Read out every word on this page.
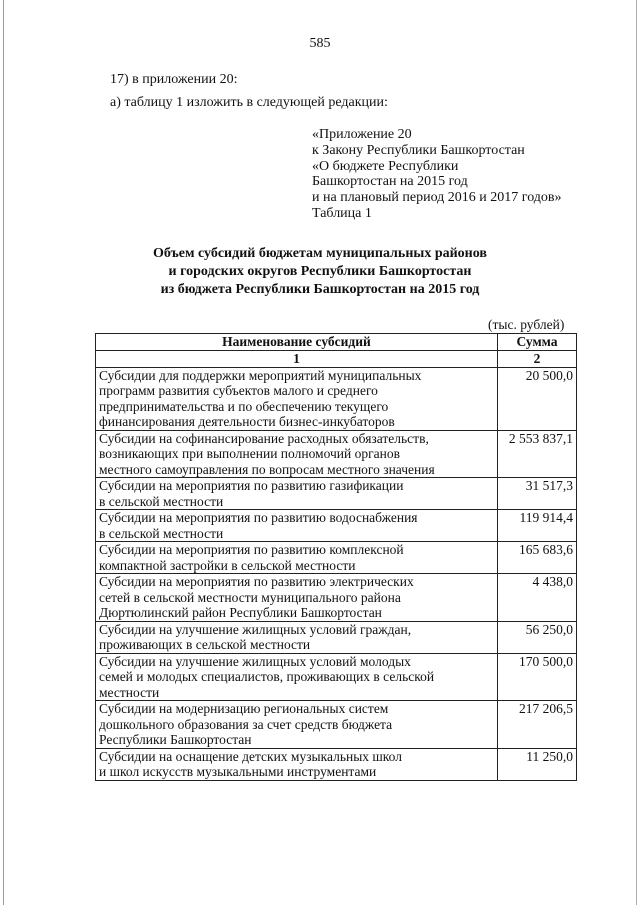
585
17) в приложении 20:
а) таблицу 1 изложить в следующей редакции:
«Приложение 20
к Закону Республики Башкортостан
«О бюджете Республики
Башкортостан на 2015 год
и на плановый период 2016 и 2017 годов»
Таблица 1
Объем субсидий бюджетам муниципальных районов
и городских округов Республики Башкортостан
из бюджета Республики Башкортостан на 2015 год
(тыс. рублей)
Наименование субсидий	Сумма
1	2

Субсидии для поддержки мероприятий муниципальных
программ развития субъектов малого и среднего
предпринимательства и по обеспечению текущего
финансирования деятельности бизнес-инкубаторов	20 500,0

Субсидии на софинансирование расходных обязательств,
возникающих при выполнении полномочий органов
местного самоуправления по вопросам местного значения	2 553 837,1

Субсидии на мероприятия по развитию газификации
в сельской местности	31 517,3

Субсидии на мероприятия по развитию водоснабжения
в сельской местности	119 914,4

Субсидии на мероприятия по развитию комплексной
компактной застройки в сельской местности	165 683,6

Субсидии на мероприятия по развитию электрических
сетей в сельской местности муниципального района
Дюртюлинский район Республики Башкортостан	4 438,0

Субсидии на улучшение жилищных условий граждан,
проживающих в сельской местности	56 250,0

Субсидии на улучшение жилищных условий молодых
семей и молодых специалистов, проживающих в сельской
местности	170 500,0

Субсидии на модернизацию региональных систем
дошкольного образования за счет средств бюджета
Республики Башкортостан	217 206,5

Субсидии на оснащение детских музыкальных школ
и школ искусств музыкальными инструментами	11 250,0
